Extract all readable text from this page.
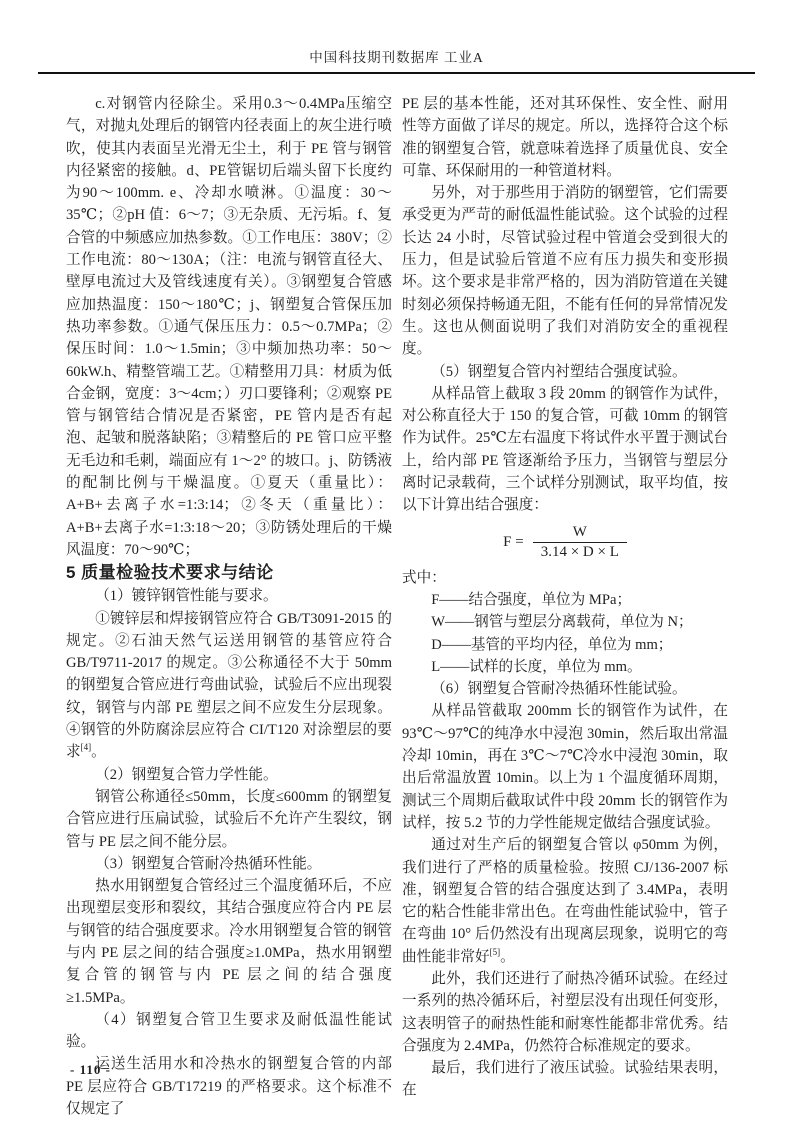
中国科技期刊数据库 工业A

c.对钢管内径除尘。采用0.3～0.4MPa压缩空气，对抛丸处理后的钢管内径表面上的灰尘进行喷吹，使其内表面呈光滑无尘土，利于 PE 管与钢管内径紧密的接触。d、PE管锯切后端头留下长度约为90～100mm. e、冷却水喷淋。①温度：30～35℃；②pH 值：6～7；③无杂质、无污垢。f、复合管的中频感应加热参数。①工作电压：380V；②工作电流：80～130A；（注：电流与钢管直径大、壁厚电流过大及管线速度有关）。③钢塑复合管感应加热温度：150～180℃；j、钢塑复合管保压加热功率参数。①通气保压压力：0.5～0.7MPa；②保压时间：1.0～1.5min；③中频加热功率：50～60kW.h、精整管端工艺。①精整用刀具：材质为低合金钢，宽度：3～4cm；）刃口要锋利；②观察 PE 管与钢管结合情况是否紧密，PE 管内是否有起泡、起皱和脱落缺陷；③精整后的 PE 管口应平整无毛边和毛刺，端面应有 1～2° 的坡口。j、防锈液的配制比例与干燥温度。①夏天（重量比）：A+B+去离子水=1:3:14；②冬天（重量比）：A+B+去离子水=1:3:18～20；③防锈处理后的干燥风温度：70～90℃；

5 质量检验技术要求与结论

（1）镀锌钢管性能与要求。

①镀锌层和焊接钢管应符合 GB/T3091-2015 的规定。②石油天然气运送用钢管的基管应符合 GB/T9711-2017 的规定。③公称通径不大于 50mm 的钢塑复合管应进行弯曲试验，试验后不应出现裂纹，钢管与内部 PE 塑层之间不应发生分层现象。④钢管的外防腐涂层应符合 CI/T120 对涂塑层的要求[4]。

（2）钢塑复合管力学性能。

钢管公称通径≤50mm，长度≤600mm 的钢塑复合管应进行压扁试验，试验后不允许产生裂纹，钢管与 PE 层之间不能分层。

（3）钢塑复合管耐冷热循环性能。

热水用钢塑复合管经过三个温度循环后，不应出现塑层变形和裂纹，其结合强度应符合内 PE 层与钢管的结合强度要求。冷水用钢塑复合管的钢管与内 PE 层之间的结合强度≥1.0MPa，热水用钢塑复合管的钢管与内 PE 层之间的结合强度≥1.5MPa。

（4）钢塑复合管卫生要求及耐低温性能试验。

运送生活用水和冷热水的钢塑复合管的内部 PE 层应符合 GB/T17219 的严格要求。这个标准不仅规定了

PE 层的基本性能，还对其环保性、安全性、耐用性等方面做了详尽的规定。所以，选择符合这个标准的钢塑复合管，就意味着选择了质量优良、安全可靠、环保耐用的一种管道材料。

另外，对于那些用于消防的钢塑管，它们需要承受更为严苛的耐低温性能试验。这个试验的过程长达 24 小时，尽管试验过程中管道会受到很大的压力，但是试验后管道不应有压力损失和变形损坏。这个要求是非常严格的，因为消防管道在关键时刻必须保持畅通无阻，不能有任何的异常情况发生。这也从侧面说明了我们对消防安全的重视程度。

（5）钢塑复合管内衬塑结合强度试验。

从样品管上截取 3 段 20mm 的钢管作为试件，对公称直径大于 150 的复合管，可截 10mm 的钢管作为试件。25℃左右温度下将试件水平置于测试台上，给内部 PE 管逐渐给予压力，当钢管与塑层分离时记录载荷，三个试样分别测试，取平均值，按以下计算出结合强度：

$F = \frac{W}{3.14 \times D \times L}$

式中：

F——结合强度，单位为 MPa；

W——钢管与塑层分离载荷，单位为 N；

D——基管的平均内径，单位为 mm；

L——试样的长度，单位为 mm。

（6）钢塑复合管耐冷热循环性能试验。

从样品管截取 200mm 长的钢管作为试件，在 93℃～97℃的纯净水中浸泡 30min，然后取出常温冷却 10min，再在 3℃～7℃冷水中浸泡 30min，取出后常温放置 10min。以上为 1 个温度循环周期，测试三个周期后截取试件中段 20mm 长的钢管作为试样，按 5.2 节的力学性能规定做结合强度试验。

通过对生产后的钢塑复合管以 φ50mm 为例，我们进行了严格的质量检验。按照 CJ/136-2007 标准，钢塑复合管的结合强度达到了 3.4MPa，表明它的粘合性能非常出色。在弯曲性能试验中，管子在弯曲 10° 后仍然没有出现离层现象，说明它的弯曲性能非常好[5]。

此外，我们还进行了耐热冷循环试验。在经过一系列的热冷循环后，衬塑层没有出现任何变形，这表明管子的耐热性能和耐寒性能都非常优秀。结合强度为 2.4MPa，仍然符合标准规定的要求。

最后，我们进行了液压试验。试验结果表明，在

- 110 -
